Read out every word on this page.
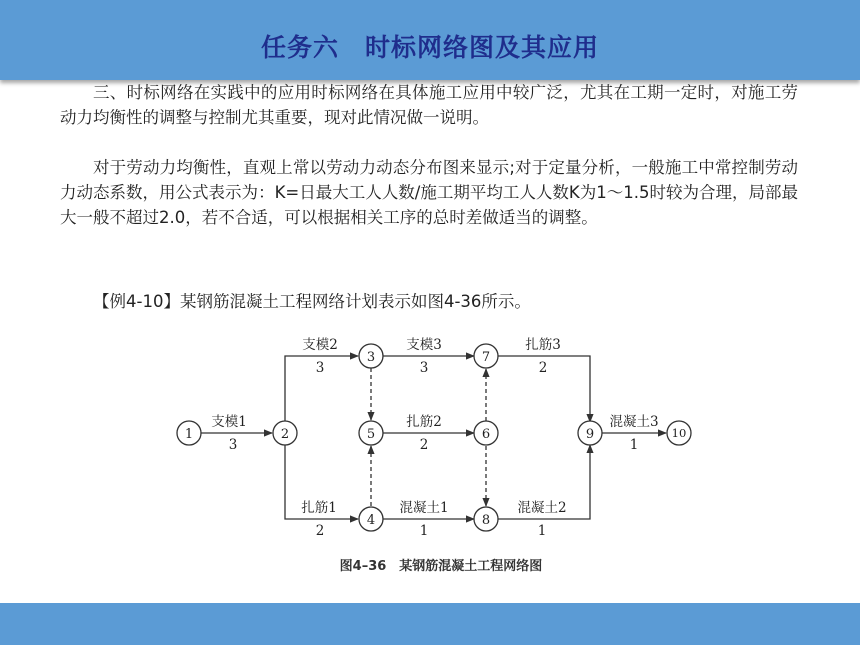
任务六　时标网络图及其应用
三、时标网络在实践中的应用时标网络在具体施工应用中较广泛，尤其在工期一定时，对施工劳动力均衡性的调整与控制尤其重要，现对此情况做一说明。
对于劳动力均衡性，直观上常以劳动力动态分布图来显示;对于定量分析，一般施工中常控制劳动力动态系数，用公式表示为：K=日最大工人人数/施工期平均工人人数K为1～1.5时较为合理，局部最大一般不超过2.0，若不合适，可以根据相关工序的总时差做适当的调整。
【例4-10】某钢筋混凝土工程网络计划表示如图4-36所示。
1	2
3
4
5	6
7
8
9	10
支模1
3
支模2
3
支模3
3
扎筋3
2
扎筋2
2
混凝土3
1
扎筋1
2
混凝土1
1
混凝土2
1
图4–36　某钢筋混凝土工程网络图
